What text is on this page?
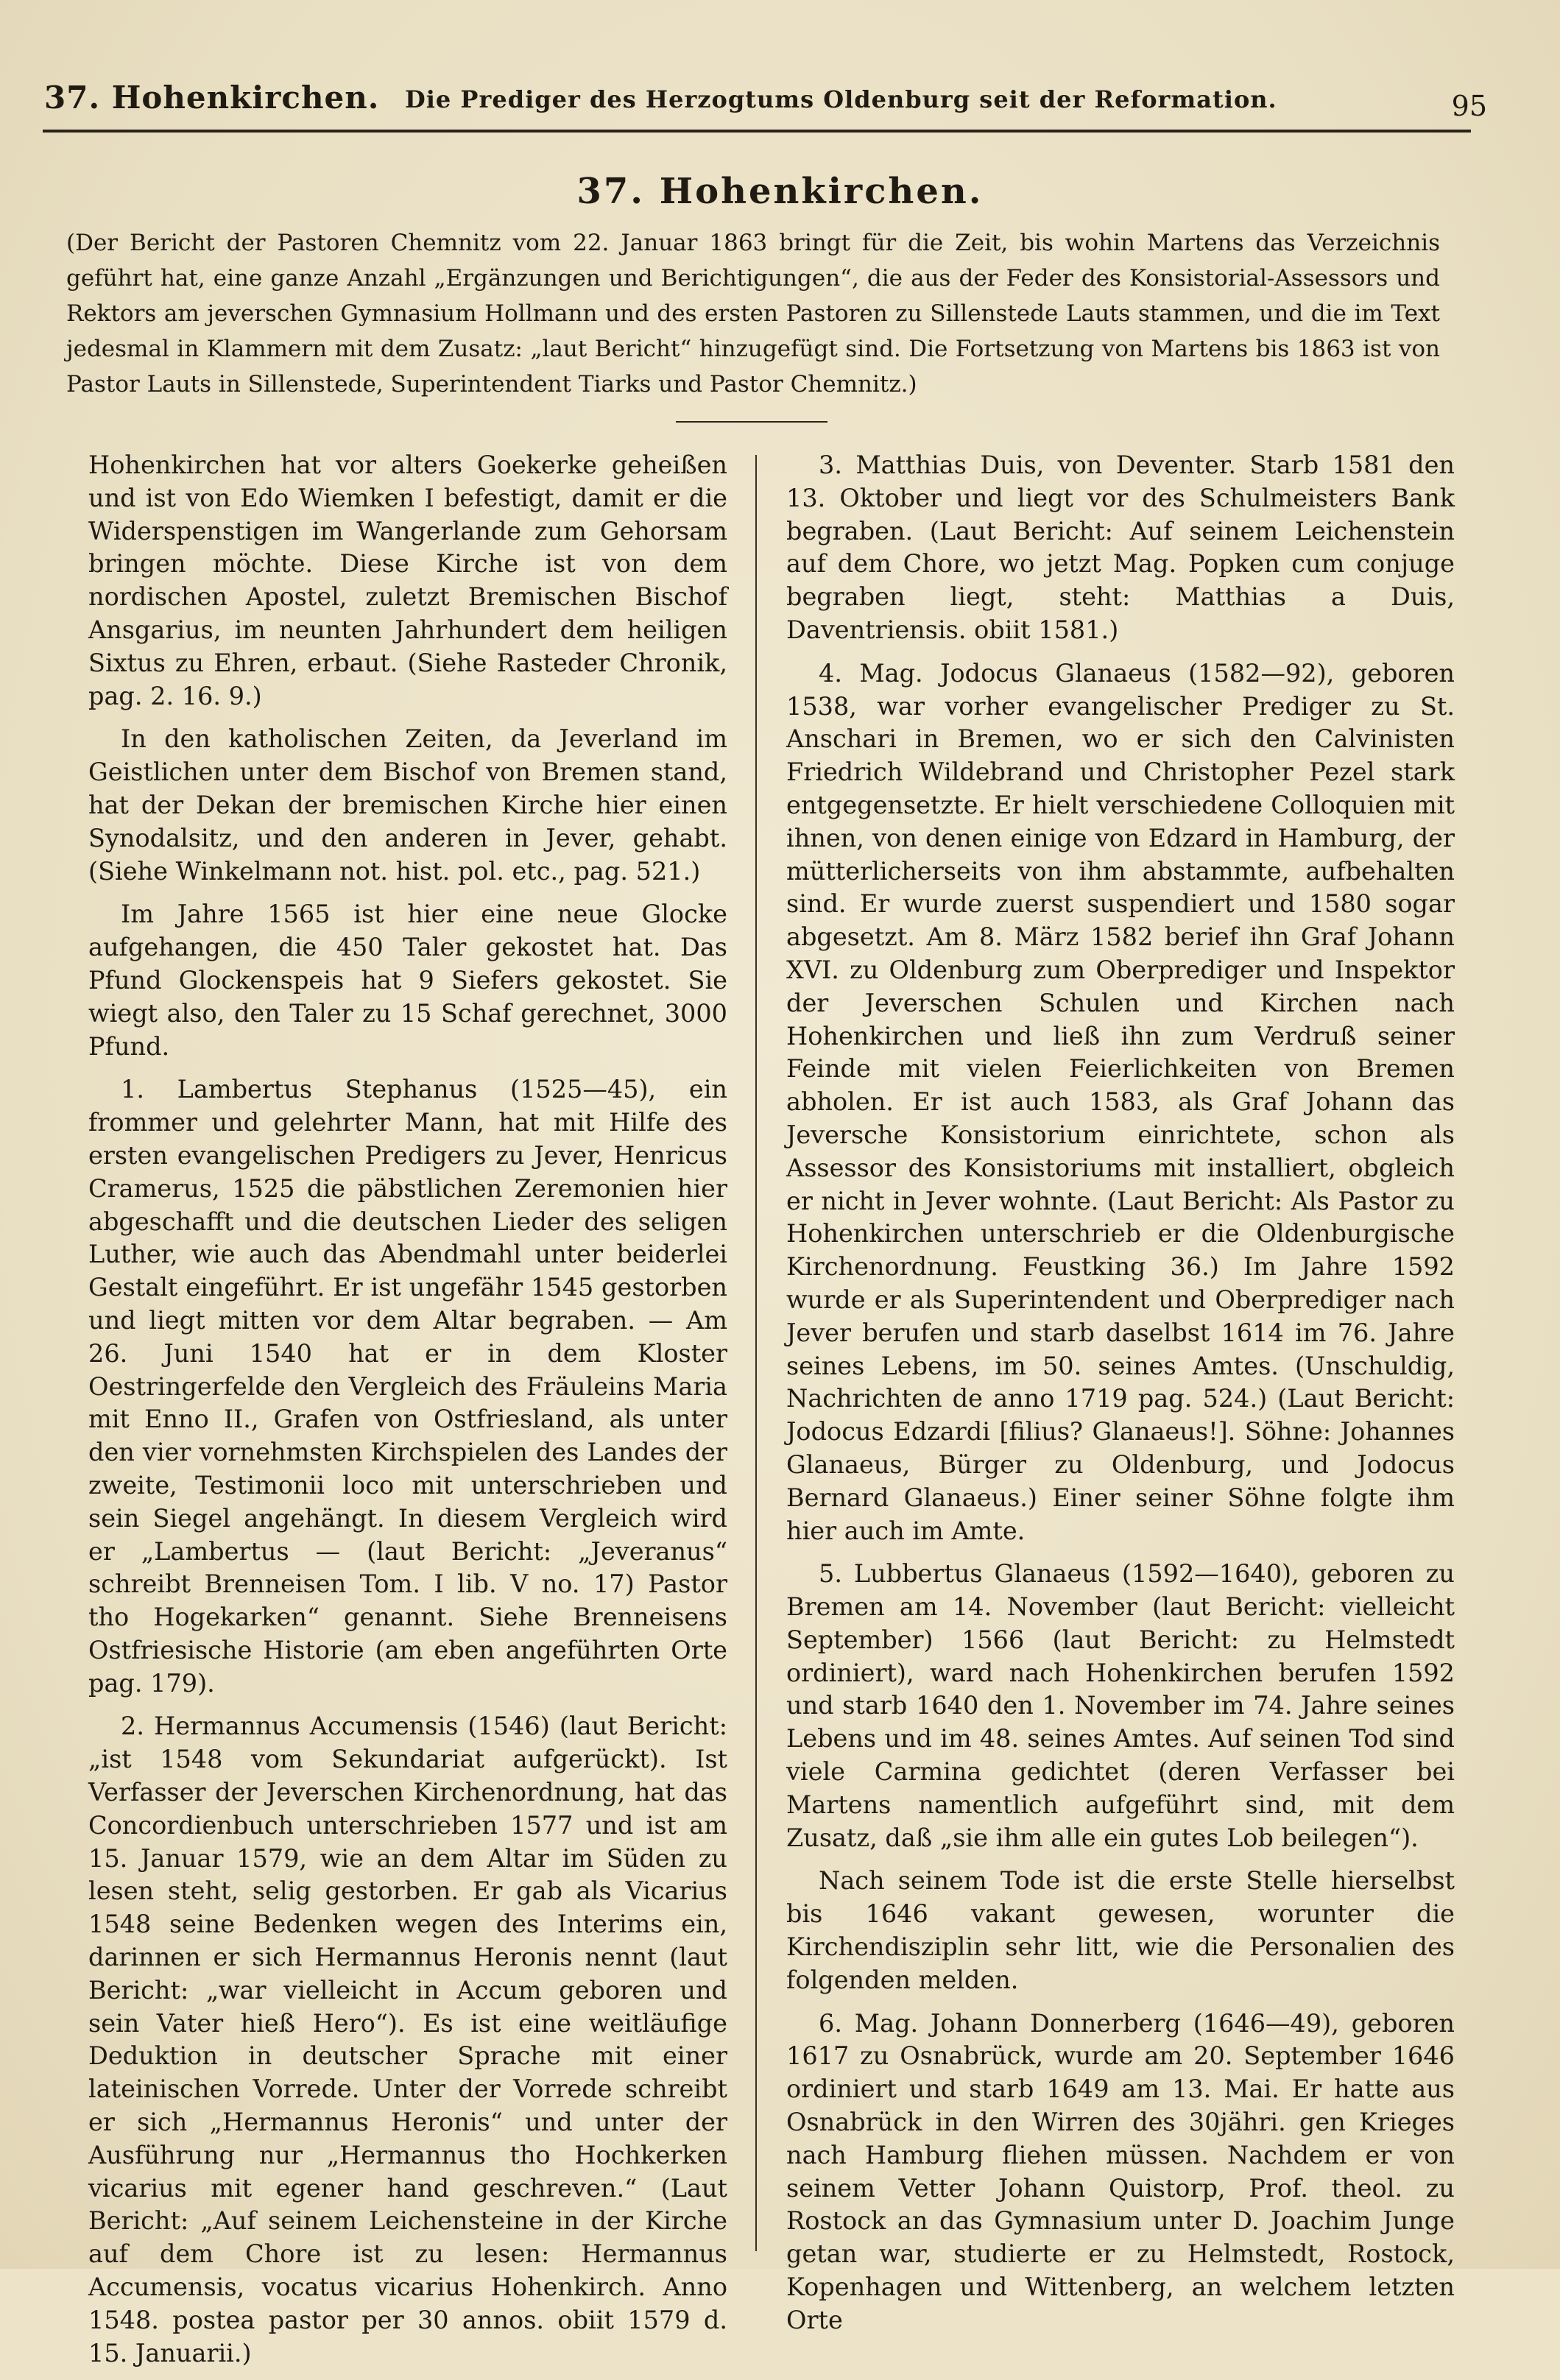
37. Hohenkirchen. Die Prediger des Herzogtums Oldenburg seit der Reformation.	95
37. Hohenkirchen.
(Der Bericht der Pastoren Chemnitz vom 22. Januar 1863 bringt für die Zeit, bis wohin Martens das Verzeichnis geführt hat, eine ganze Anzahl „Ergänzungen und Berichtigungen“, die aus der Feder des Konsistorial-Assessors und Rektors am jeverschen Gymnasium Hollmann und des ersten Pastoren zu Sillenstede Lauts stammen, und die im Text jedesmal in Klammern mit dem Zusatz: „laut Bericht“ hinzugefügt sind. Die Fortsetzung von Martens bis 1863 ist von Pastor Lauts in Sillenstede, Superintendent Tiarks und Pastor Chemnitz.)

Hohenkirchen hat vor alters Goekerke geheißen und ist von Edo Wiemken I befestigt, damit er die Widerspenstigen im Wangerlande zum Gehorsam bringen möchte. Diese Kirche ist von dem nordischen Apostel, zuletzt Bremischen Bischof Ansgarius, im neunten Jahrhundert dem heiligen Sixtus zu Ehren, erbaut. (Siehe Rasteder Chronik, pag. 2. 16. 9.)

In den katholischen Zeiten, da Jeverland im Geistlichen unter dem Bischof von Bremen stand, hat der Dekan der bremischen Kirche hier einen Synodalsitz, und den anderen in Jever, gehabt. (Siehe Winkelmann not. hist. pol. etc., pag. 521.)

Im Jahre 1565 ist hier eine neue Glocke aufgehangen, die 450 Taler gekostet hat. Das Pfund Glockenspeis hat 9 Siefers gekostet. Sie wiegt also, den Taler zu 15 Schaf gerechnet, 3000 Pfund.

1. Lambertus Stephanus (1525—45), ein frommer und gelehrter Mann, hat mit Hilfe des ersten evangelischen Predigers zu Jever, Henricus Cramerus, 1525 die päbstlichen Zeremonien hier abgeschafft und die deutschen Lieder des seligen Luther, wie auch das Abendmahl unter beiderlei Gestalt eingeführt. Er ist ungefähr 1545 gestorben und liegt mitten vor dem Altar begraben. — Am 26. Juni 1540 hat er in dem Kloster Oestringerfelde den Vergleich des Fräuleins Maria mit Enno II., Grafen von Ostfriesland, als unter den vier vornehmsten Kirchspielen des Landes der zweite, Testimonii loco mit unterschrieben und sein Siegel angehängt. In diesem Vergleich wird er „Lambertus — (laut Bericht: „Jeveranus“ schreibt Brenneisen Tom. I lib. V no. 17) Pastor tho Hogekarken“ genannt. Siehe Brenneisens Ostfriesische Historie (am eben angeführten Orte pag. 179).

2. Hermannus Accumensis (1546) (laut Bericht: „ist 1548 vom Sekundariat aufgerückt). Ist Verfasser der Jeverschen Kirchenordnung, hat das Concordienbuch unterschrieben 1577 und ist am 15. Januar 1579, wie an dem Altar im Süden zu lesen steht, selig gestorben. Er gab als Vicarius 1548 seine Bedenken wegen des Interims ein, darinnen er sich Hermannus Heronis nennt (laut Bericht: „war vielleicht in Accum geboren und sein Vater hieß Hero“). Es ist eine weitläufige Deduktion in deutscher Sprache mit einer lateinischen Vorrede. Unter der Vorrede schreibt er sich „Hermannus Heronis“ und unter der Ausführung nur „Hermannus tho Hochkerken vicarius mit egener hand geschreven.“ (Laut Bericht: „Auf seinem Leichensteine in der Kirche auf dem Chore ist zu lesen: Hermannus Accumensis, vocatus vicarius Hohenkirch. Anno 1548. postea pastor per 30 annos. obiit 1579 d. 15. Januarii.)

3. Matthias Duis, von Deventer. Starb 1581 den 13. Oktober und liegt vor des Schulmeisters Bank begraben. (Laut Bericht: Auf seinem Leichenstein auf dem Chore, wo jetzt Mag. Popken cum conjuge begraben liegt, steht: Matthias a Duis, Daventriensis. obiit 1581.)

4. Mag. Jodocus Glanaeus (1582—92), geboren 1538, war vorher evangelischer Prediger zu St. Anschari in Bremen, wo er sich den Calvinisten Friedrich Wildebrand und Christopher Pezel stark entgegensetzte. Er hielt verschiedene Colloquien mit ihnen, von denen einige von Edzard in Hamburg, der mütterlicherseits von ihm abstammte, aufbehalten sind. Er wurde zuerst suspendiert und 1580 sogar abgesetzt. Am 8. März 1582 berief ihn Graf Johann XVI. zu Oldenburg zum Oberprediger und Inspektor der Jeverschen Schulen und Kirchen nach Hohenkirchen und ließ ihn zum Verdruß seiner Feinde mit vielen Feierlichkeiten von Bremen abholen. Er ist auch 1583, als Graf Johann das Jeversche Konsistorium einrichtete, schon als Assessor des Konsistoriums mit installiert, obgleich er nicht in Jever wohnte. (Laut Bericht: Als Pastor zu Hohenkirchen unterschrieb er die Oldenburgische Kirchenordnung. Feustking 36.) Im Jahre 1592 wurde er als Superintendent und Oberprediger nach Jever berufen und starb daselbst 1614 im 76. Jahre seines Lebens, im 50. seines Amtes. (Unschuldig, Nachrichten de anno 1719 pag. 524.) (Laut Bericht: Jodocus Edzardi [filius? Glanaeus!]. Söhne: Johannes Glanaeus, Bürger zu Oldenburg, und Jodocus Bernard Glanaeus.) Einer seiner Söhne folgte ihm hier auch im Amte.

5. Lubbertus Glanaeus (1592—1640), geboren zu Bremen am 14. November (laut Bericht: vielleicht September) 1566 (laut Bericht: zu Helmstedt ordiniert), ward nach Hohenkirchen berufen 1592 und starb 1640 den 1. November im 74. Jahre seines Lebens und im 48. seines Amtes. Auf seinen Tod sind viele Carmina gedichtet (deren Verfasser bei Martens namentlich aufgeführt sind, mit dem Zusatz, daß „sie ihm alle ein gutes Lob beilegen“).

Nach seinem Tode ist die erste Stelle hierselbst bis 1646 vakant gewesen, worunter die Kirchendisziplin sehr litt, wie die Personalien des folgenden melden.

6. Mag. Johann Donnerberg (1646—49), geboren 1617 zu Osnabrück, wurde am 20. September 1646 ordiniert und starb 1649 am 13. Mai. Er hatte aus Osnabrück in den Wirren des 30jähri. gen Krieges nach Hamburg fliehen müssen. Nachdem er von seinem Vetter Johann Quistorp, Prof. theol. zu Rostock an das Gymnasium unter D. Joachim Junge getan war, studierte er zu Helmstedt, Rostock, Kopenhagen und Wittenberg, an welchem letzten Orte
